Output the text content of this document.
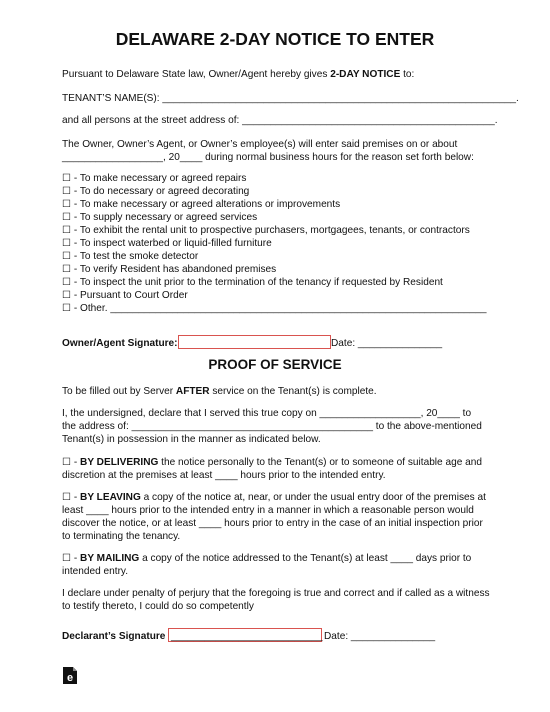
DELAWARE 2-DAY NOTICE TO ENTER
Pursuant to Delaware State law, Owner/Agent hereby gives 2-DAY NOTICE to:
TENANT’S NAME(S): _______________________________________________________________.
and all persons at the street address of: _____________________________________________.
The Owner, Owner’s Agent, or Owner’s employee(s) will enter said premises on or about
__________________, 20____ during normal business hours for the reason set forth below:
☐ - To make necessary or agreed repairs
☐ - To do necessary or agreed decorating
☐ - To make necessary or agreed alterations or improvements
☐ - To supply necessary or agreed services
☐ - To exhibit the rental unit to prospective purchasers, mortgagees, tenants, or contractors
☐ - To inspect waterbed or liquid-filled furniture
☐ - To test the smoke detector
☐ - To verify Resident has abandoned premises
☐ - To inspect the unit prior to the termination of the tenancy if requested by Resident
☐ - Pursuant to Court Order
☐ - Other. ___________________________________________________________________
Owner/Agent Signature:	Date: _______________
PROOF OF SERVICE
To be filled out by Server AFTER service on the Tenant(s) is complete.
I, the undersigned, declare that I served this true copy on __________________, 20____ to
the address of: ___________________________________________ to the above-mentioned
Tenant(s) in possession in the manner as indicated below.
☐ - BY DELIVERING the notice personally to the Tenant(s) or to someone of suitable age and
discretion at the premises at least ____ hours prior to the intended entry.
☐ - BY LEAVING a copy of the notice at, near, or under the usual entry door of the premises at
least ____ hours prior to the intended entry in a manner in which a reasonable person would
discover the notice, or at least ____ hours prior to entry in the case of an initial inspection prior
to terminating the tenancy.
☐ - BY MAILING a copy of the notice addressed to the Tenant(s) at least ____ days prior to
intended entry.
I declare under penalty of perjury that the foregoing is true and correct and if called as a witness
to testify thereto, I could do so competently
Declarant’s Signature ___________________________ Date: _______________
e
